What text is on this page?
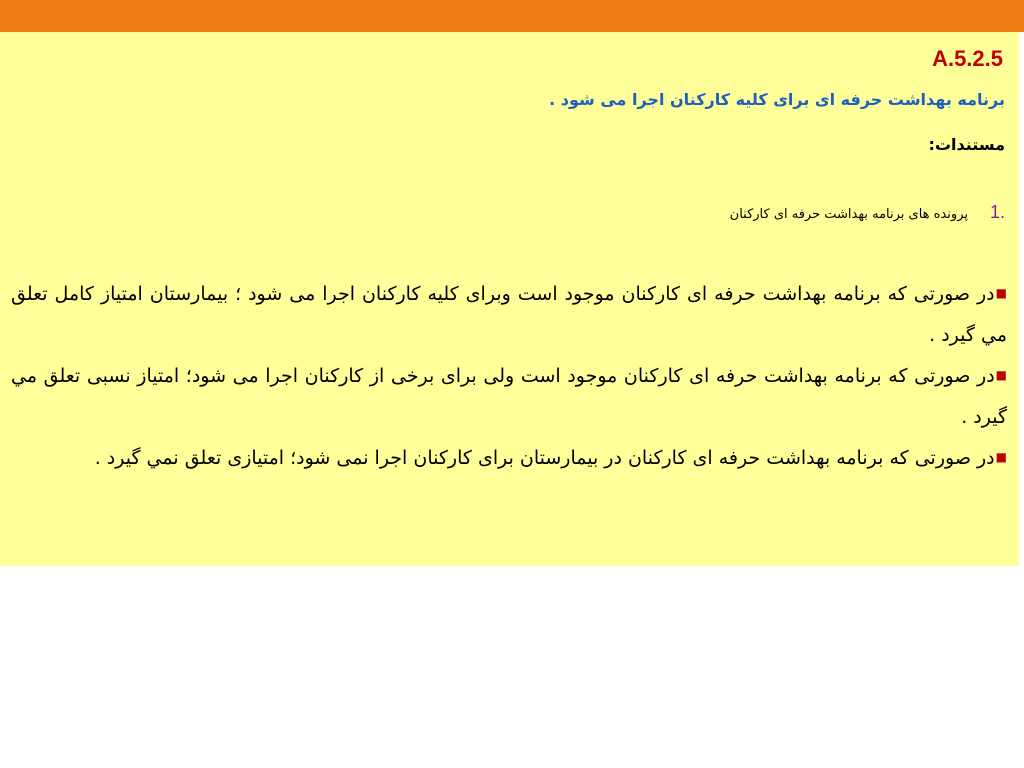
A.5.2.5
برنامه بهداشت حرفه ای برای کلیه کارکنان اجرا می شود .
مستندات:
1.
پرونده های برنامه بهداشت حرفه ای کارکنان

■در صورتی که برنامه بهداشت حرفه ای کارکنان موجود است وبرای کلیه کارکنان اجرا می شود ؛ بیمارستان امتیاز کامل تعلق مي گيرد .

■در صورتی که برنامه بهداشت حرفه ای کارکنان موجود است ولی برای برخی از کارکنان اجرا می شود؛ امتیاز نسبی تعلق مي گيرد .

■در صورتی که برنامه بهداشت حرفه ای کارکنان در بیمارستان برای کارکنان اجرا نمی شود؛ امتیازی تعلق نمي گيرد .
